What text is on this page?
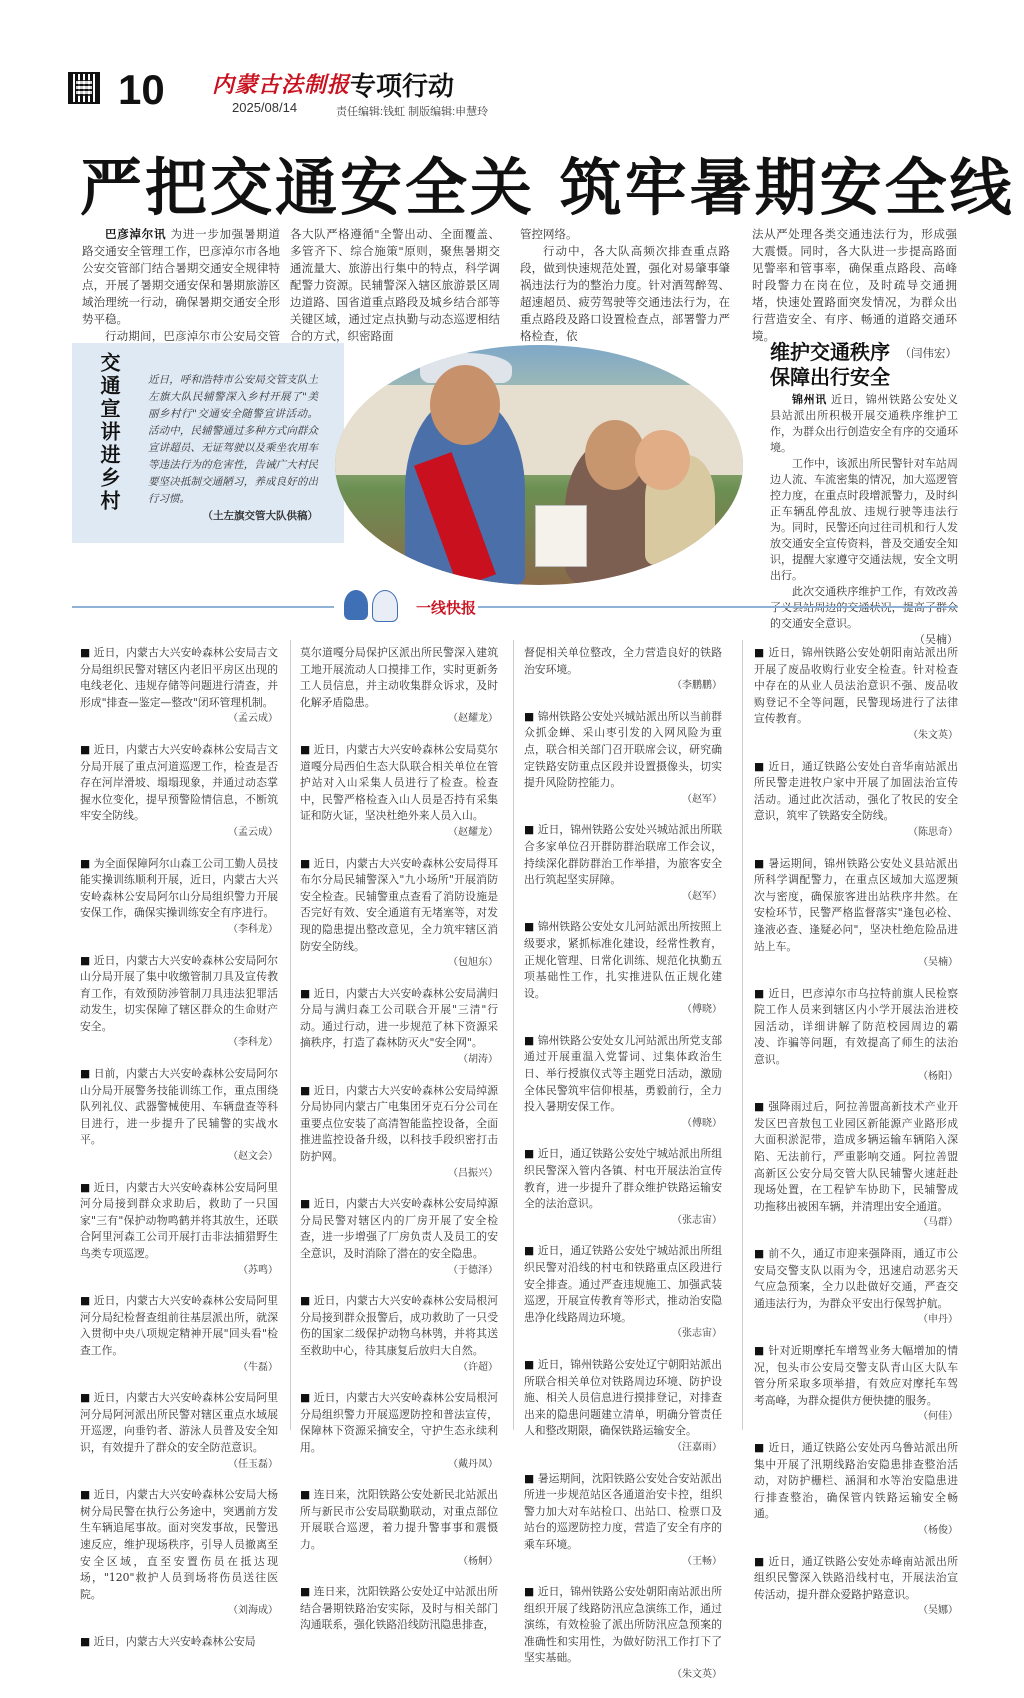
10 内蒙古法制报
2025/08/14
专项行动
责任编辑:钱虹 制版编辑:申慧玲
严把交通安全关 筑牢暑期安全线

巴彦淖尔讯 为进一步加强暑期道路交通安全管理工作，巴彦淖尔市各地公安交管部门结合暑期交通安全规律特点，开展了暑期交通安保和暑期旅游区域治理统一行动，确保暑期交通安全形势平稳。

行动期间，巴彦淖尔市公安局交管

各大队严格遵循"全警出动、全面覆盖、多管齐下、综合施策"原则，聚焦暑期交通流量大、旅游出行集中的特点，科学调配警力资源。民辅警深入辖区旅游景区周边道路、国省道重点路段及城乡结合部等关键区域，通过定点执勤与动态巡逻相结合的方式，织密路面

管控网络。

行动中，各大队高频次排查重点路段，做到快速规范处置，强化对易肇事肇祸违法行为的整治力度。针对酒驾醉驾、超速超员、疲劳驾驶等交通违法行为，在重点路段及路口设置检查点，部署警力严格检查，依

法从严处理各类交通违法行为，形成强大震慑。同时，各大队进一步提高路面见警率和管事率，确保重点路段、高峰时段警力在岗在位，及时疏导交通拥堵，快速处置路面突发情况，为群众出行营造安全、有序、畅通的道路交通环境。

（闫伟宏）
交通宣讲进乡村	近日，呼和浩特市公安局交管支队土左旗大队民辅警深入乡村开展了"美丽乡村行"交通安全随警宣讲活动。活动中，民辅警通过多种方式向群众宣讲超员、无证驾驶以及乘坐农用车等违法行为的危害性，告诫广大村民要坚决抵制交通陋习，养成良好的出行习惯。
（土左旗交管大队供稿）
维护交通秩序
保障出行安全

锦州讯 近日，锦州铁路公安处义县站派出所积极开展交通秩序维护工作，为群众出行创造安全有序的交通环境。

工作中，该派出所民警针对车站周边人流、车流密集的情况，加大巡逻管控力度，在重点时段增派警力，及时纠正车辆乱停乱放、违规行驶等违法行为。同时，民警还向过往司机和行人发放交通安全宣传资料，普及交通安全知识，提醒大家遵守交通法规，安全文明出行。

此次交通秩序维护工作，有效改善 的交通安全意识。

（吴楠）
一线快报

■ 近日，内蒙古大兴安岭森林公安局吉文分局组织民警对辖区内老旧平房区出现的电线老化、违规存储等问题进行清查，并形成"排查—鉴定—整改"闭环管理机制。
（孟云成）

■ 近日，内蒙古大兴安岭森林公安局吉文分局开展了重点河道巡逻工作，检查是否存在河岸滑坡、塌塌现象，并通过动态掌握水位变化，提早预警险情信息，不断筑牢安全防线。
（孟云成）

■ 为全面保障阿尔山森工公司工勤人员技能实操训练顺利开展，近日，内蒙古大兴安岭森林公安局阿尔山分局组织警力开展安保工作，确保实操训练安全有序进行。
（李科龙）

■ 近日，内蒙古大兴安岭森林公安局阿尔山分局开展了集中收缴管制刀具及宣传教育工作，有效预防涉管制刀具违法犯罪活动发生，切实保障了辖区群众的生命财产安全。
（李科龙）

■ 日前，内蒙古大兴安岭森林公安局阿尔山分局开展警务技能训练工作，重点围绕队列礼仪、武器警械使用、车辆盘查等科目进行，进一步提升了民辅警的实战水平。
（赵文会）

■ 近日，内蒙古大兴安岭森林公安局阿里河分局接到群众求助后，救助了一只国家"三有"保护动物鸣鹤并将其放生，还联合阿里河森工公司开展打击非法捕猎野生鸟类专项巡逻。
（苏鸣）

■ 近日，内蒙古大兴安岭森林公安局阿里河分局纪检督查组前往基层派出所，就深入贯彻中央八项规定精神开展"回头看"检查工作。
（牛磊）

■ 近日，内蒙古大兴安岭森林公安局阿里河分局阿河派出所民警对辖区重点水域展开巡逻，向垂钓者、游泳人员普及安全知识，有效提升了群众的安全防范意识。
（任玉磊）

■ 近日，内蒙古大兴安岭森林公安局大杨树分局民警在执行公务途中，突遇前方发生车辆追尾事故。面对突发事故，民警迅速反应，维护现场秩序，引导人员撤离至安全区域，直至安置伤员在抵达现场，"120"救护人员到场将伤员送往医院。
（刘海成）

■ 近日，内蒙古大兴安岭森林公安局

莫尔道嘎分局保护区派出所民警深入建筑工地开展流动人口摸排工作，实时更新务工人员信息，并主动收集群众诉求，及时化解矛盾隐患。
（赵耀龙）

■ 近日，内蒙古大兴安岭森林公安局莫尔道嘎分局西伯生态大队联合相关单位在管护站对入山采集人员进行了检查。检查中，民警严格检查入山人员是否持有采集证和防火证，坚决杜绝外来人员入山。
（赵耀龙）

■ 近日，内蒙古大兴安岭森林公安局得耳布尔分局民辅警深入"九小场所"开展消防安全检查。民辅警重点查看了消防设施是否完好有效、安全通道有无堵塞等，对发现的隐患提出整改意见，全力筑牢辖区消防安全防线。
（包旭东）

■ 近日，内蒙古大兴安岭森林公安局满归分局与满归森工公司联合开展"三清"行动。通过行动，进一步规范了林下资源采摘秩序，打造了森林防灭火"安全网"。
（胡涛）

■ 近日，内蒙古大兴安岭森林公安局绰源分局协同内蒙古广电集团牙克石分公司在重要点位安装了高清智能监控设备，全面推进监控设备升级，以科技手段织密打击防护网。
（吕振兴）

■ 近日，内蒙古大兴安岭森林公安局绰源分局民警对辖区内的厂房开展了安全检查，进一步增强了厂房负责人及员工的安全意识，及时消除了潜在的安全隐患。
（于德泽）

■ 近日，内蒙古大兴安岭森林公安局根河分局接到群众报警后，成功救助了一只受伤的国家二级保护动物乌林鸮，并将其送至救助中心，待其康复后放归大自然。
（许超）

■ 近日，内蒙古大兴安岭森林公安局根河分局组织警力开展巡逻防控和普法宣传，保障林下资源采摘安全，守护生态永续利用。
（戴丹凤）

■ 连日来，沈阳铁路公安处新民北站派出所与新民市公安局联勤联动，对重点部位开展联合巡逻，着力提升警事事和震慑力。
（杨舸）

■ 连日来，沈阳铁路公安处辽中站派出所结合暑期铁路治安实际，及时与相关部门沟通联系，强化铁路沿线防汛隐患排查，

督促相关单位整改，全力营造良好的铁路治安环境。
（李鹏鹏）

■ 锦州铁路公安处兴城站派出所以当前群众抓金蝉、采山枣引发的入网风险为重点，联合相关部门召开联席会议，研究确定铁路安防重点区段并设置摄像头，切实提升风险防控能力。
（赵军）

■ 近日，锦州铁路公安处兴城站派出所联合多家单位召开群防群治联席工作会议，持续深化群防群治工作举措，为旅客安全出行筑起坚实屏障。
（赵军）

■ 锦州铁路公安处女儿河站派出所按照上级要求，紧抓标准化建设，经常性教育，正规化管理、日常化训练、规范化执勤五项基础性工作，扎实推进队伍正规化建设。
（傅晓）

■ 锦州铁路公安处女儿河站派出所党支部通过开展重温入党誓词、过集体政治生日、举行授旗仪式等主题党日活动，激励全体民警筑牢信仰根基，勇毅前行，全力投入暑期安保工作。
（傅晓）

■ 近日，通辽铁路公安处宁城站派出所组织民警深入管内各镇、村屯开展法治宣传教育，进一步提升了群众维护铁路运输安全的法治意识。
（张志宙）

■ 近日，通辽铁路公安处宁城站派出所组织民警对沿线的村屯和铁路重点区段进行安全排查。通过严查违规施工、加强武装巡逻，开展宣传教育等形式，推动治安隐患净化线路周边环境。
（张志宙）

■ 近日，锦州铁路公安处辽宁朝阳站派出所联合相关单位对铁路周边环境、防护设施、相关人员信息进行摸排登记，对排查出来的隐患问题建立清单，明确分管责任人和整改期限，确保铁路运输安全。
（汪嘉雨）

■ 暑运期间，沈阳铁路公安处合安站派出所进一步规范站区各通道治安卡控，组织警力加大对车站检口、出站口、检票口及站台的巡逻防控力度，营造了安全有序的乘车环境。
（王畅）

■ 近日，锦州铁路公安处朝阳南站派出所组织开展了线路防汛应急演练工作，通过演练，有效检验了派出所防汛应急预案的准确性和实用性，为做好防汛工作打下了坚实基础。
（朱文英）

■ 近日，锦州铁路公安处朝阳南站派出所开展了废品收购行业安全检查。针对检查中存在的从业人员法治意识不强、废品收购登记不全等问题，民警现场进行了法律宣传教育。
（朱文英）

■ 近日，通辽铁路公安处白音华南站派出所民警走进牧户家中开展了加固法治宣传活动。通过此次活动，强化了牧民的安全意识，筑牢了铁路安全防线。
（陈思奇）

■ 暑运期间，锦州铁路公安处义县站派出所科学调配警力，在重点区域加大巡逻频次与密度，确保旅客进出站秩序井然。在安检环节，民警严格监督落实"逢包必检、逢液必查、逢疑必问"，坚决杜绝危险品进站上车。
（吴楠）

■ 近日，巴彦淖尔市乌拉特前旗人民检察院工作人员来到辖区内小学开展法治进校园活动，详细讲解了防范校园周边的霸凌、诈骗等问题，有效提高了师生的法治意识。
（杨阳）

■ 强降雨过后，阿拉善盟高新技术产业开发区巴音敖包工业园区新能源产业路形成大面积淤泥带，造成多辆运输车辆陷入深陷、无法前行，严重影响交通。阿拉善盟高新区公安分局交管大队民辅警火速赶赴现场处置，在工程铲车协助下，民辅警成功拖移出被困车辆，并清理出安全通道。
（马群）

■ 前不久，通辽市迎来强降雨，通辽市公安局交警支队以雨为令，迅速启动恶劣天气应急预案，全力以赴做好交通，严查交通违法行为，为群众平安出行保驾护航。
（申丹）

■ 针对近期摩托车增驾业务大幅增加的情况，包头市公安局交警支队青山区大队车管分所采取多项举措，有效应对摩托车驾考高峰，为群众提供方便快捷的服务。
（何佳）

■ 近日，通辽铁路公安处丙乌鲁站派出所集中开展了汛期线路治安隐患排查整治活动，对防护栅栏、涵洞和水等治安隐患进行排查整治，确保管内铁路运输安全畅通。
（杨俊）

■ 近日，通辽铁路公安处赤峰南站派出所组织民警深入铁路沿线村屯，开展法治宣传活动，提升群众爱路护路意识。
（吴娜）
